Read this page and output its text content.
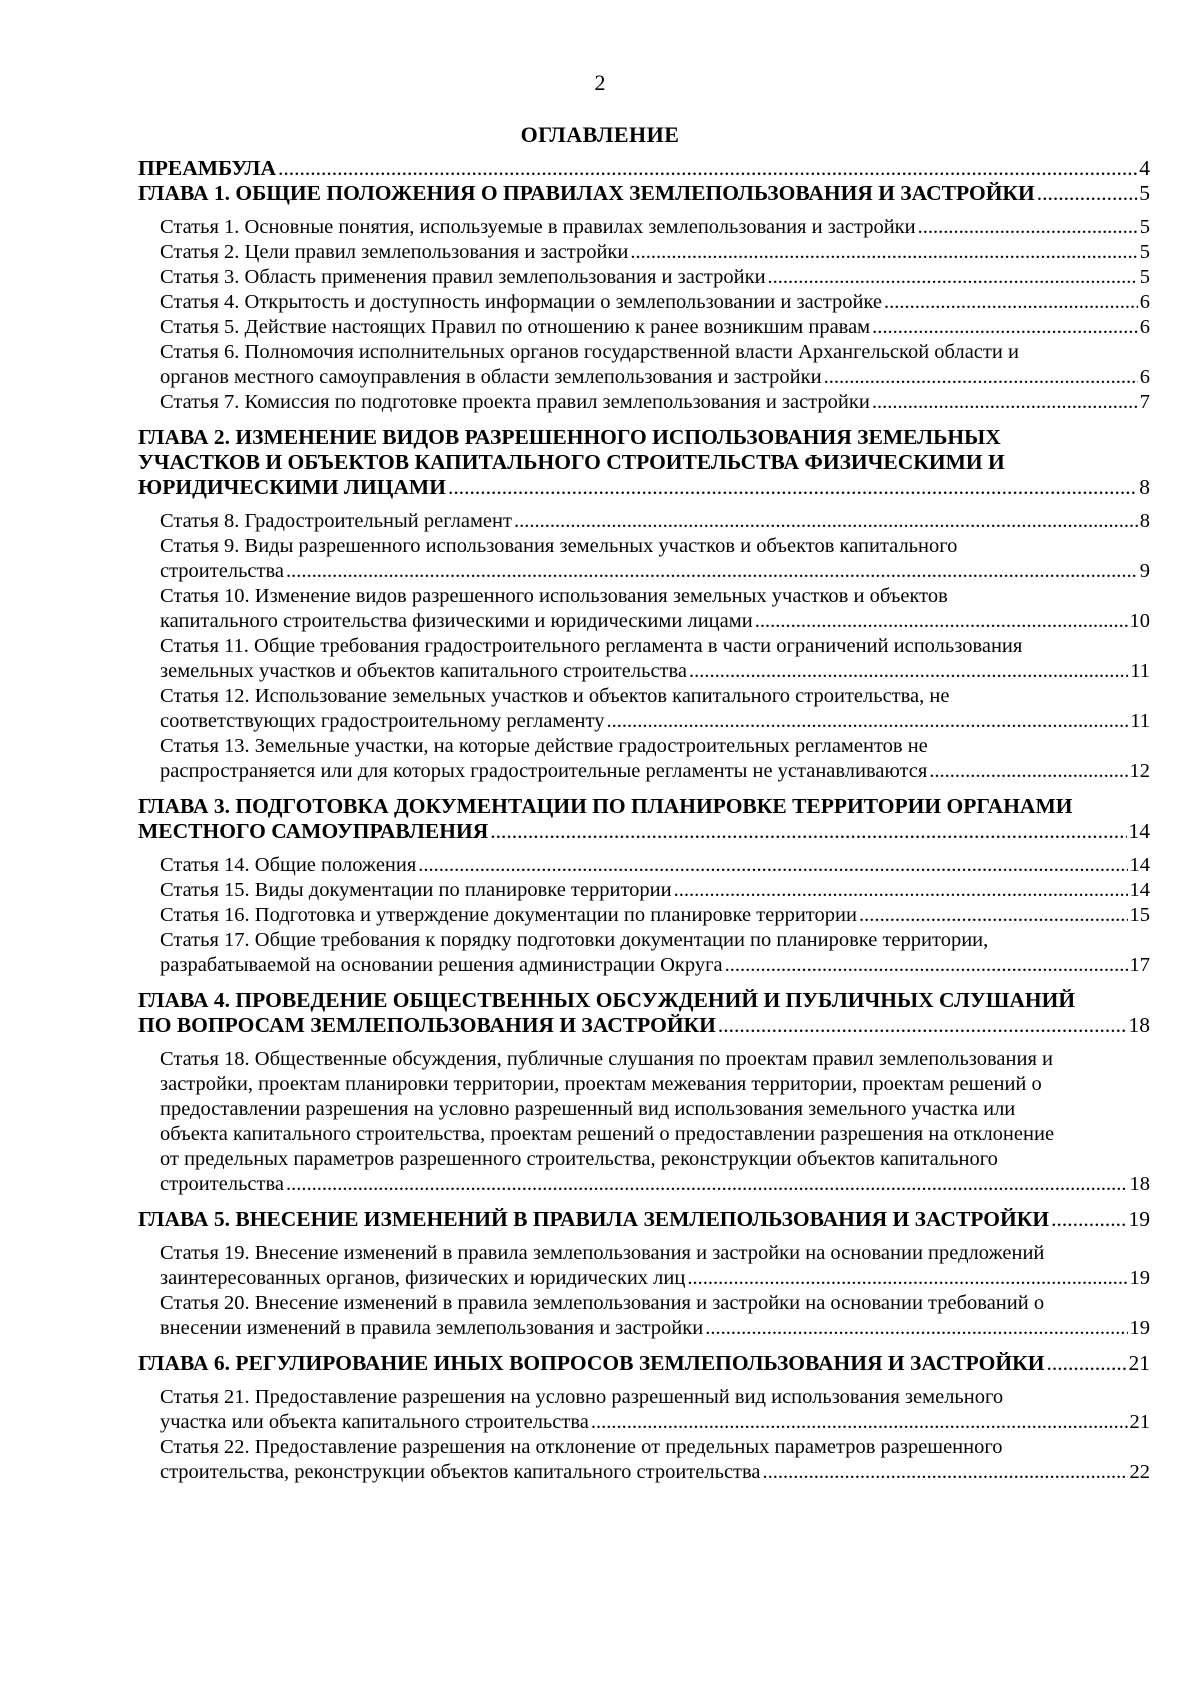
2
ОГЛАВЛЕНИЕ
ПРЕАМБУЛА .....	4
ГЛАВА 1. ОБЩИЕ ПОЛОЖЕНИЯ О ПРАВИЛАХ ЗЕМЛЕПОЛЬЗОВАНИЯ И ЗАСТРОЙКИ .....	5
Статья 1. Основные понятия, используемые в правилах землепользования и застройки .....	5
Статья 2. Цели правил землепользования и застройки .....	5
Статья 3. Область применения правил землепользования и застройки .....	5
Статья 4. Открытость и доступность информации о землепользовании и застройке .....	6
Статья 5. Действие настоящих Правил по отношению к ранее возникшим правам .....	6
Статья 6. Полномочия исполнительных органов государственной власти Архангельской области и
органов местного самоуправления в области землепользования и застройки .....	6
Статья 7. Комиссия по подготовке проекта правил землепользования и застройки .....	7
ГЛАВА 2. ИЗМЕНЕНИЕ ВИДОВ РАЗРЕШЕННОГО ИСПОЛЬЗОВАНИЯ ЗЕМЕЛЬНЫХ
УЧАСТКОВ И ОБЪЕКТОВ КАПИТАЛЬНОГО СТРОИТЕЛЬСТВА ФИЗИЧЕСКИМИ И
ЮРИДИЧЕСКИМИ ЛИЦАМИ .....	8
Статья 8. Градостроительный регламент .....	8
Статья 9. Виды разрешенного использования земельных участков и объектов капитального
строительства .....	9
Статья 10. Изменение видов разрешенного использования земельных участков и объектов
капитального строительства физическими и юридическими лицами .....	10
Статья 11. Общие требования градостроительного регламента в части ограничений использования
земельных участков и объектов капитального строительства .....	11
Статья 12. Использование земельных участков и объектов капитального строительства, не
соответствующих градостроительному регламенту .....	11
Статья 13. Земельные участки, на которые действие градостроительных регламентов не
распространяется или для которых градостроительные регламенты не устанавливаются .....	12
ГЛАВА 3. ПОДГОТОВКА ДОКУМЕНТАЦИИ ПО ПЛАНИРОВКЕ ТЕРРИТОРИИ ОРГАНАМИ
МЕСТНОГО САМОУПРАВЛЕНИЯ .....	14
Статья 14. Общие положения .....	14
Статья 15. Виды документации по планировке территории .....	14
Статья 16. Подготовка и утверждение документации по планировке территории .....	15
Статья 17. Общие требования к порядку подготовки документации по планировке территории,
разрабатываемой на основании решения администрации Округа .....	17
ГЛАВА 4. ПРОВЕДЕНИЕ ОБЩЕСТВЕННЫХ ОБСУЖДЕНИЙ И ПУБЛИЧНЫХ СЛУШАНИЙ
ПО ВОПРОСАМ ЗЕМЛЕПОЛЬЗОВАНИЯ И ЗАСТРОЙКИ .....	18
Статья 18. Общественные обсуждения, публичные слушания по проектам правил землепользования и
застройки, проектам планировки территории, проектам межевания территории, проектам решений о
предоставлении разрешения на условно разрешенный вид использования земельного участка или
объекта капитального строительства, проектам решений о предоставлении разрешения на отклонение
от предельных параметров разрешенного строительства, реконструкции объектов капитального
строительства .....	18
ГЛАВА 5. ВНЕСЕНИЕ ИЗМЕНЕНИЙ В ПРАВИЛА ЗЕМЛЕПОЛЬЗОВАНИЯ И ЗАСТРОЙКИ .....	19
Статья 19. Внесение изменений в правила землепользования и застройки на основании предложений
заинтересованных органов, физических и юридических лиц .....	19
Статья 20. Внесение изменений в правила землепользования и застройки на основании требований о
внесении изменений в правила землепользования и застройки .....	19
ГЛАВА 6. РЕГУЛИРОВАНИЕ ИНЫХ ВОПРОСОВ ЗЕМЛЕПОЛЬЗОВАНИЯ И ЗАСТРОЙКИ .....	21
Статья 21. Предоставление разрешения на условно разрешенный вид использования земельного
участка или объекта капитального строительства .....	21
Статья 22. Предоставление разрешения на отклонение от предельных параметров разрешенного
строительства, реконструкции объектов капитального строительства .....	22
